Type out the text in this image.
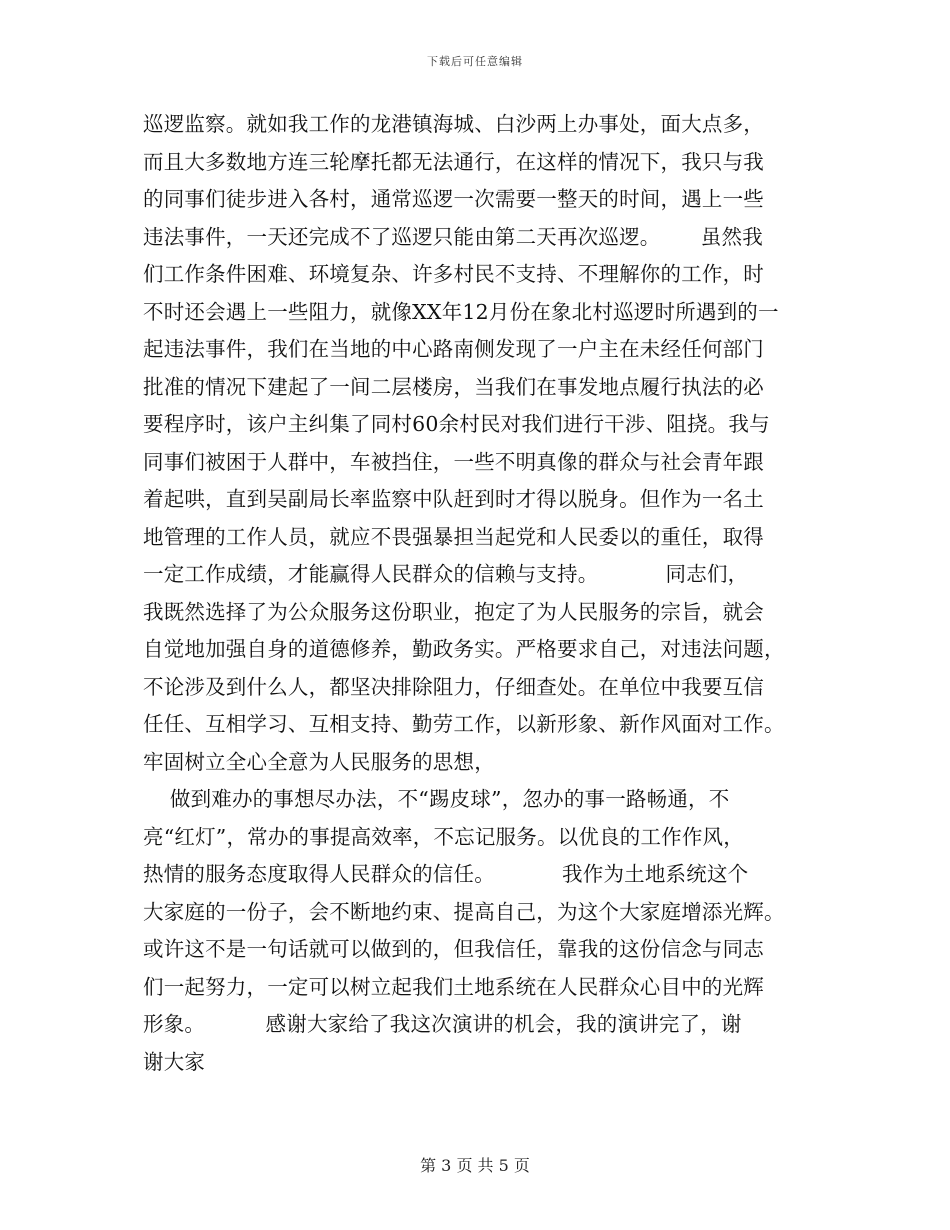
下载后可任意编辑
巡逻监察。就如我工作的龙港镇海城、白沙两上办事处，面大点多，
而且大多数地方连三轮摩托都无法通行，在这样的情况下，我只与我
的同事们徒步进入各村，通常巡逻一次需要一整天的时间，遇上一些
违法事件，一天还完成不了巡逻只能由第二天再次巡逻。      虽然我
们工作条件困难、环境复杂、许多村民不支持、不理解你的工作，时
不时还会遇上一些阻力，就像XX年12月份在象北村巡逻时所遇到的一
起违法事件，我们在当地的中心路南侧发现了一户主在未经任何部门
批准的情况下建起了一间二层楼房，当我们在事发地点履行执法的必
要程序时，该户主纠集了同村60余村民对我们进行干涉、阻挠。我与
同事们被困于人群中，车被挡住，一些不明真像的群众与社会青年跟
着起哄，直到吴副局长率监察中队赶到时才得以脱身。但作为一名土
地管理的工作人员，就应不畏强暴担当起党和人民委以的重任，取得
一定工作成绩，才能赢得人民群众的信赖与支持。          同志们，
我既然选择了为公众服务这份职业，抱定了为人民服务的宗旨，就会
自觉地加强自身的道德修养，勤政务实。严格要求自己，对违法问题，
不论涉及到什么人，都坚决排除阻力，仔细查处。在单位中我要互信
任任、互相学习、互相支持、勤劳工作，以新形象、新作风面对工作。
牢固树立全心全意为人民服务的思想，
做到难办的事想尽办法，不“踢皮球”，忽办的事一路畅通，不
亮“红灯”，常办的事提高效率，不忘记服务。以优良的工作作风，
热情的服务态度取得人民群众的信任。          我作为土地系统这个
大家庭的一份子，会不断地约束、提高自己，为这个大家庭增添光辉。
或许这不是一句话就可以做到的，但我信任，靠我的这份信念与同志
们一起努力，一定可以树立起我们土地系统在人民群众心目中的光辉
形象。         感谢大家给了我这次演讲的机会，我的演讲完了，谢
谢大家
第 3 页 共 5 页
